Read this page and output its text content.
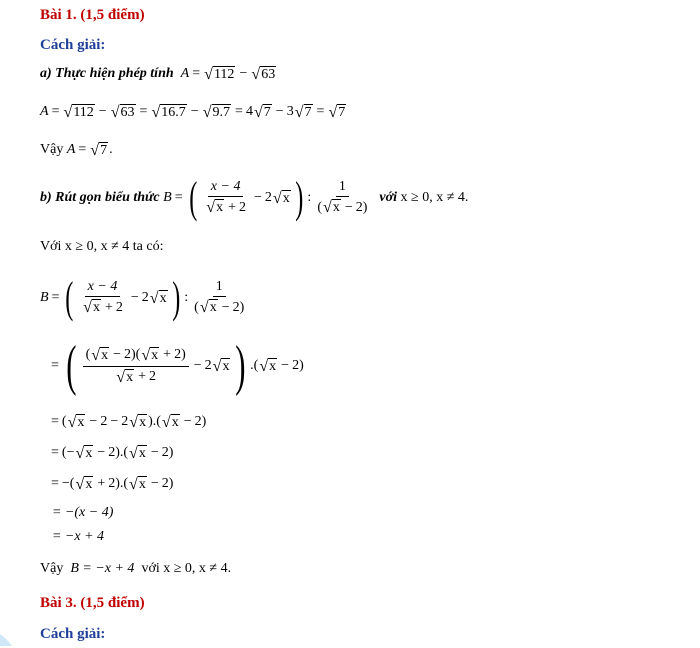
Bài 1. (1,5 điểm)
Cách giải:
a)
Thực hiện phép tính
A = √ 112 − √ 63
A = √ 112 − √ 63 = √ 16.7 − √ 9.7 = 4 √ 7 − 3 √ 7 = √ 7
Vậy
A = √ 7 .
b)
Rút gọn biểu thức
B = ( $\frac{x - 4}{√ x + 2} - 2$ √ x ) : $\frac{1}{( √ x - 2 )}$
với
x ≥ 0, x ≠ 4.
Với x ≥ 0, x ≠ 4 ta có:
B = ( $\frac{x - 4}{√ x + 2} - 2$ √ x ) : $\frac{1}{( √ x - 2 )}$
= ( $\frac{( √ x - 2 )( √ x + 2 )}{√ x + 2} - 2$ √ x ) .( √ x − 2 )
= ( √ x − 2 − 2 √ x ).( √ x − 2 )
= (− √ x − 2 ).( √ x − 2 )
= −( √ x + 2 ).( √ x − 2 )
= −(x − 4)
= −x + 4
Vậy B = −x + 4 với x ≥ 0, x ≠ 4.
Bài 3. (1,5 điểm)
Cách giải:
